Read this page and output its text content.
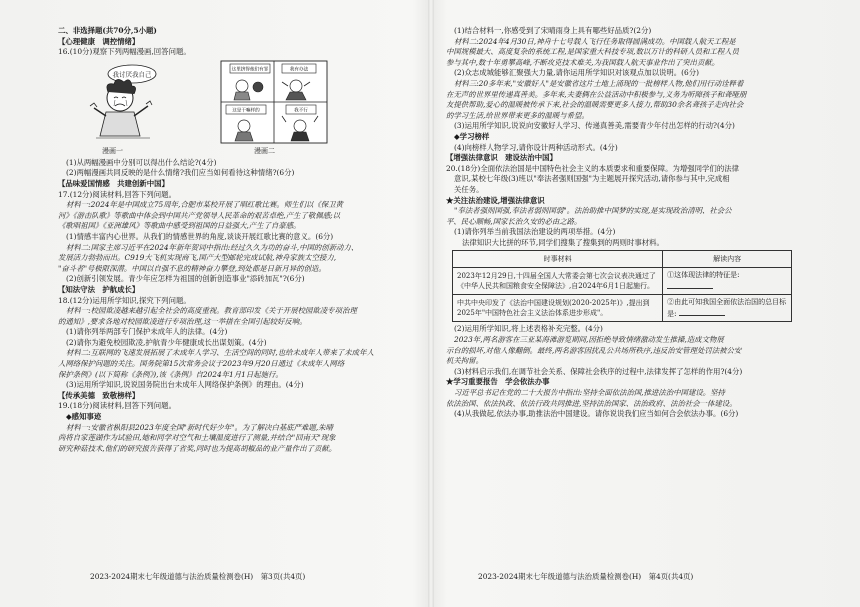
二、非选择题(共70分,5小题)
【心理健康　调控情绪】
16.(10分)观察下列两幅漫画,回答问题。
我讨厌我自己
这里挤得他们有罪	我有办法
这是干嘛样的	我不行
漫画一	漫画二
(1)从两幅漫画中分别可以得出什么结论?(4分)
(2)两幅漫画共同反映的是什么情绪?我们应当如何看待这种情绪?(6分)
【品味爱国情感　共建创新中国】
17.(12分)阅读材料,回答下列问题。
材料一:2024年是中国成立75周年,合肥市某校开展了唱红歌比赛。师生们以《保卫黄
河》《游击队歌》等歌曲中体会到中国共产党领导人民革命的艰苦卓绝,产生了敬佩感;以
《歌唱祖国》《亚洲雄风》等歌曲中感受到祖国的日益强大,产生了自豪感。
(1)情感丰富内心世界。从我们的情感世界的角度,谈谈开展红歌比赛的意义。(6分)
材料二:国家主席习近平在2024年新年贺词中指出:经过久久为功的奋斗,中国的创新动力、
发展活力勃勃而出。C919大飞机实现商飞,国产大型邮轮完成试航,神舟家族太空接力,
"奋斗者"号极限深潜。中国以自强不息的精神奋力攀登,到处都是日新月异的创造。
(2)创新引领发展。青少年应怎样为祖国的创新创造事业"添砖加瓦"?(6分)
【知法守法　护航成长】
18.(12分)运用所学知识,探究下列问题。
材料一:校园欺凌越来越引起全社会的高度重视。教育部印发《关于开展校园欺凌专项治理
的通知》,要求各地对校园欺凌进行专项治理,这一举措在全国引起较好反响。
(1)请你列举两部专门保护未成年人的法律。(4分)
(2)请你为避免校园欺凌,护航青少年健康成长出谋划策。(4分)
材料二:互联网的飞速发展拓展了未成年人学习、生活空间的同时,也给未成年人带来了未成年人
人网络保护问题的关注。国务院第15次常务会议于2023年9月20日通过《未成年人网络
保护条例》(以下简称《条例》),该《条例》自2024年1月1日起施行。
(3)运用所学知识,说说国务院出台未成年人网络保护条例》的理由。(4分)
【传承美德　致敬榜样】
19.(18分)阅读材料,回答下列问题。
◆感知事迹
材料一:安徽省枞阳县2023年度全国"新时代好少年"。为了解决白基底严难题,朱晴
尚将自家莲湖作为试验田,她和同学对空气和土壤温度进行了测量,并结合"回南天"现象
研究种菇技术,他们的研究报告获得了省奖,同时也为提高胡椒品的业产量作出了贡献。
2023-2024期末七年级道德与法治质量检测卷(H)　第3页(共4页)
(1)结合材料一,你感受到了宋晴雨身上具有哪些好品质?(2分)
材料二:2024年4月30日,神舟十七号载人飞行任务取得圆满成功。中国载人航天工程是
中国规模最大、高度复杂的系统工程,是国家重大科技专项,数以万计的科研人员和工程人员
参与其中,数十年勇攀高峰,不断攻克技术难关,为我国载人航天事业作出了突出贡献。
(2)众志成城能够汇聚强大力量,请你运用所学知识对该观点加以说明。(6分)
材料三:20多年来,"安徽好人"是安徽省这片土地上涌现的一批榜样人物,他们用行动诠释着
在无声的世界里传递真善美。多年来,夫妻俩在公益活动中积极参与,义务为听障孩子和聋哑朋
友提供帮助,爱心的温暖被传承下来,社会的温暖需要更多人接力,帮助30余名聋孩子走向社会
的学习生活,给世界带来更多的温暖与希望。
(3)运用所学知识,说说向安徽好人学习、传递真善美,需要青少年付出怎样的行动?(4分)
◆学习榜样
(4)向榜样人物学习,请你设计两种活动形式。(4分)
【增强法律意识　建设法治中国】
20.(18分)全面依法治国是中国特色社会主义的本质要求和重要保障。为增强同学们的法律
意识,某校七年级(3)班以"奉法者强则国强"为主题展开探究活动,请你参与其中,完成相
关任务。
★关注法治建设,增强法律意识
"奉法者强则国强,奉法者弱则国弱"。法治助推中国梦的实现,是实现政治清明、社会公
平、民心顺畅,国家长治久安的必由之路。
(1)请你列举当前我国法治建设的两项举措。(4分)
法律知识大比拼的环节,同学们搜集了搜集到的两则时事材料。
时事材料	解读内容
2023年12月29日,十四届全国人大常委会第七次会议表决通过了《中华人民共和国粮食安全保障法》,自2024年6月1日起施行。	①这体现法律的特征是:
中共中央印发了《法治中国建设规划(2020-2025年)》,提出到2025年"中国特色社会主义法治体系进步形成"。	②由此可知我国全面依法治国的总目标是:
(2)运用所学知识,将上述表格补充完整。(4分)
2023年,两名游客在三亚某海滩游览期间,因拒绝导致情绪激动发生推搡,造成文物展
示台的损坏,对他人像翻倒。最终,两名游客因扰乱公共场所秩序,违反治安管理处罚法被公安
机关拘留。
(3)材料启示我们,在调节社会关系、保障社会秩序的过程中,法律发挥了怎样的作用?(4分)
★学习重要报告　学会依法办事
习近平总书记在党的二十大报告中指出:坚持全面依法治国,推进法治中国建设。坚持
依法治国、依法执政、依法行政共同推进,坚持法治国家、法治政府、法治社会一体建设。
(4)从我做起,依法办事,助推法治中国建设。请你说说我们应当如何合会依法办事。(6分)
2023-2024期末七年级道德与法治质量检测卷(H)　第4页(共4页)
